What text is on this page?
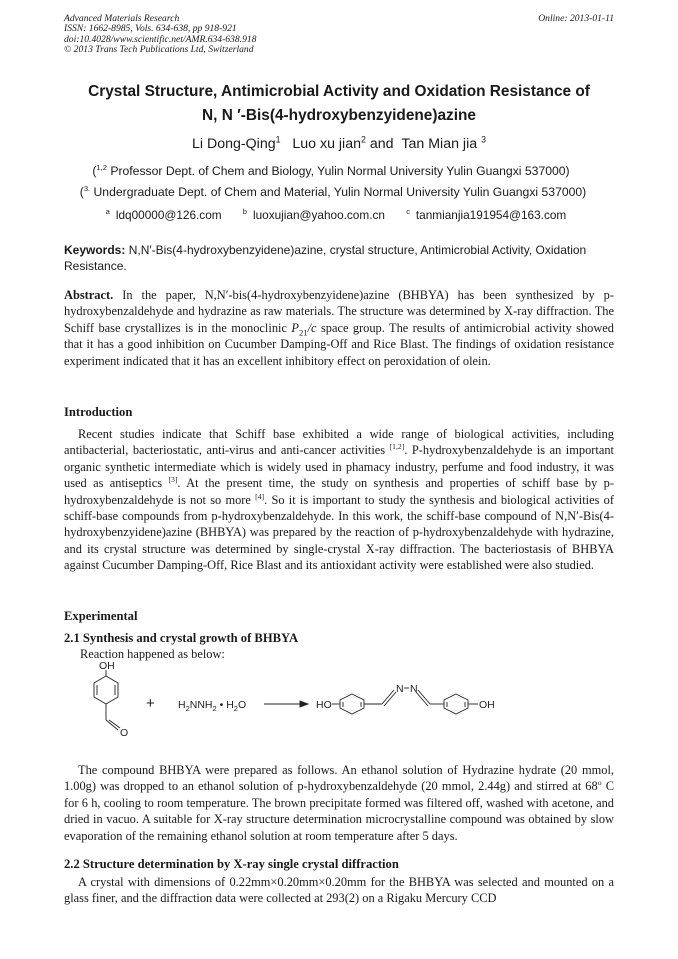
Advanced Materials Research
ISSN: 1662-8985, Vols. 634-638, pp 918-921
doi:10.4028/www.scientific.net/AMR.634-638.918
© 2013 Trans Tech Publications Ltd, Switzerland
Online: 2013-01-11
Crystal Structure, Antimicrobial Activity and Oxidation Resistance of
N, N ′-Bis(4-hydroxybenzyidene)azine
Li Dong-Qing$^1$ Luo xu jian$^2$ and Tan Mian jia $^3$
($^{1,2}$ Professor Dept. of Chem and Biology, Yulin Normal University Yulin Guangxi 537000)
($^{3.}$ Undergraduate Dept. of Chem and Material, Yulin Normal University Yulin Guangxi 537000)
$^a$ ldq00000@126.com	$^b$ luoxujian@yahoo.com.cn	$^c$ tanmianjia191954@163.com
Keywords: N,N′-Bis(4-hydroxybenzyidene)azine, crystal structure, Antimicrobial Activity, Oxidation Resistance.
Abstract. In the paper, N,N′-bis(4-hydroxybenzyidene)azine (BHBYA) has been synthesized by p-hydroxybenzaldehyde and hydrazine as raw materials. The structure was determined by X-ray diffraction. The Schiff base crystallizes is in the monoclinic $P_{21}/c$ space group. The results of antimicrobial activity showed that it has a good inhibition on Cucumber Damping-Off and Rice Blast. The findings of oxidation resistance experiment indicated that it has an excellent inhibitory effect on peroxidation of olein.
Introduction
Recent studies indicate that Schiff base exhibited a wide range of biological activities, including antibacterial, bacteriostatic, anti-virus and anti-cancer activities [1,2]. P-hydroxybenzaldehyde is an important organic synthetic intermediate which is widely used in phamacy industry, perfume and food industry, it was used as antiseptics [3]. At the present time, the study on synthesis and properties of schiff base by p-hydroxybenzaldehyde is not so more [4]. So it is important to study the synthesis and biological activities of schiff-base compounds from p-hydroxybenzaldehyde. In this work, the schiff-base compound of N,N′-Bis(4-hydroxybenzyidene)azine (BHBYA) was prepared by the reaction of p-hydroxybenzaldehyde with hydrazine, and its crystal structure was determined by single-crystal X-ray diffraction. The bacteriostasis of BHBYA against Cucumber Damping-Off, Rice Blast and its antioxidant activity were established were also studied.
Experimental
2.1 Synthesis and crystal growth of BHBYA
Reaction happened as below:
OH
O
+ $H_2NNH_2$ • $H_2O$	HO
N N
OH
The compound BHBYA were prepared as follows. An ethanol solution of Hydrazine hydrate (20 mmol, 1.00g) was dropped to an ethanol solution of p-hydroxybenzaldehyde (20 mmol, 2.44g) and stirred at 68$^o$ C for 6 h, cooling to room temperature. The brown precipitate formed was filtered off, washed with acetone, and dried in vacuo. A suitable for X-ray structure determination microcrystalline compound was obtained by slow evaporation of the remaining ethanol solution at room temperature after 5 days.
2.2 Structure determination by X-ray single crystal diffraction
A crystal with dimensions of 0.22mm×0.20mm×0.20mm for the BHBYA was selected and mounted on a glass finer, and the diffraction data were collected at 293(2) on a Rigaku Mercury CCD
